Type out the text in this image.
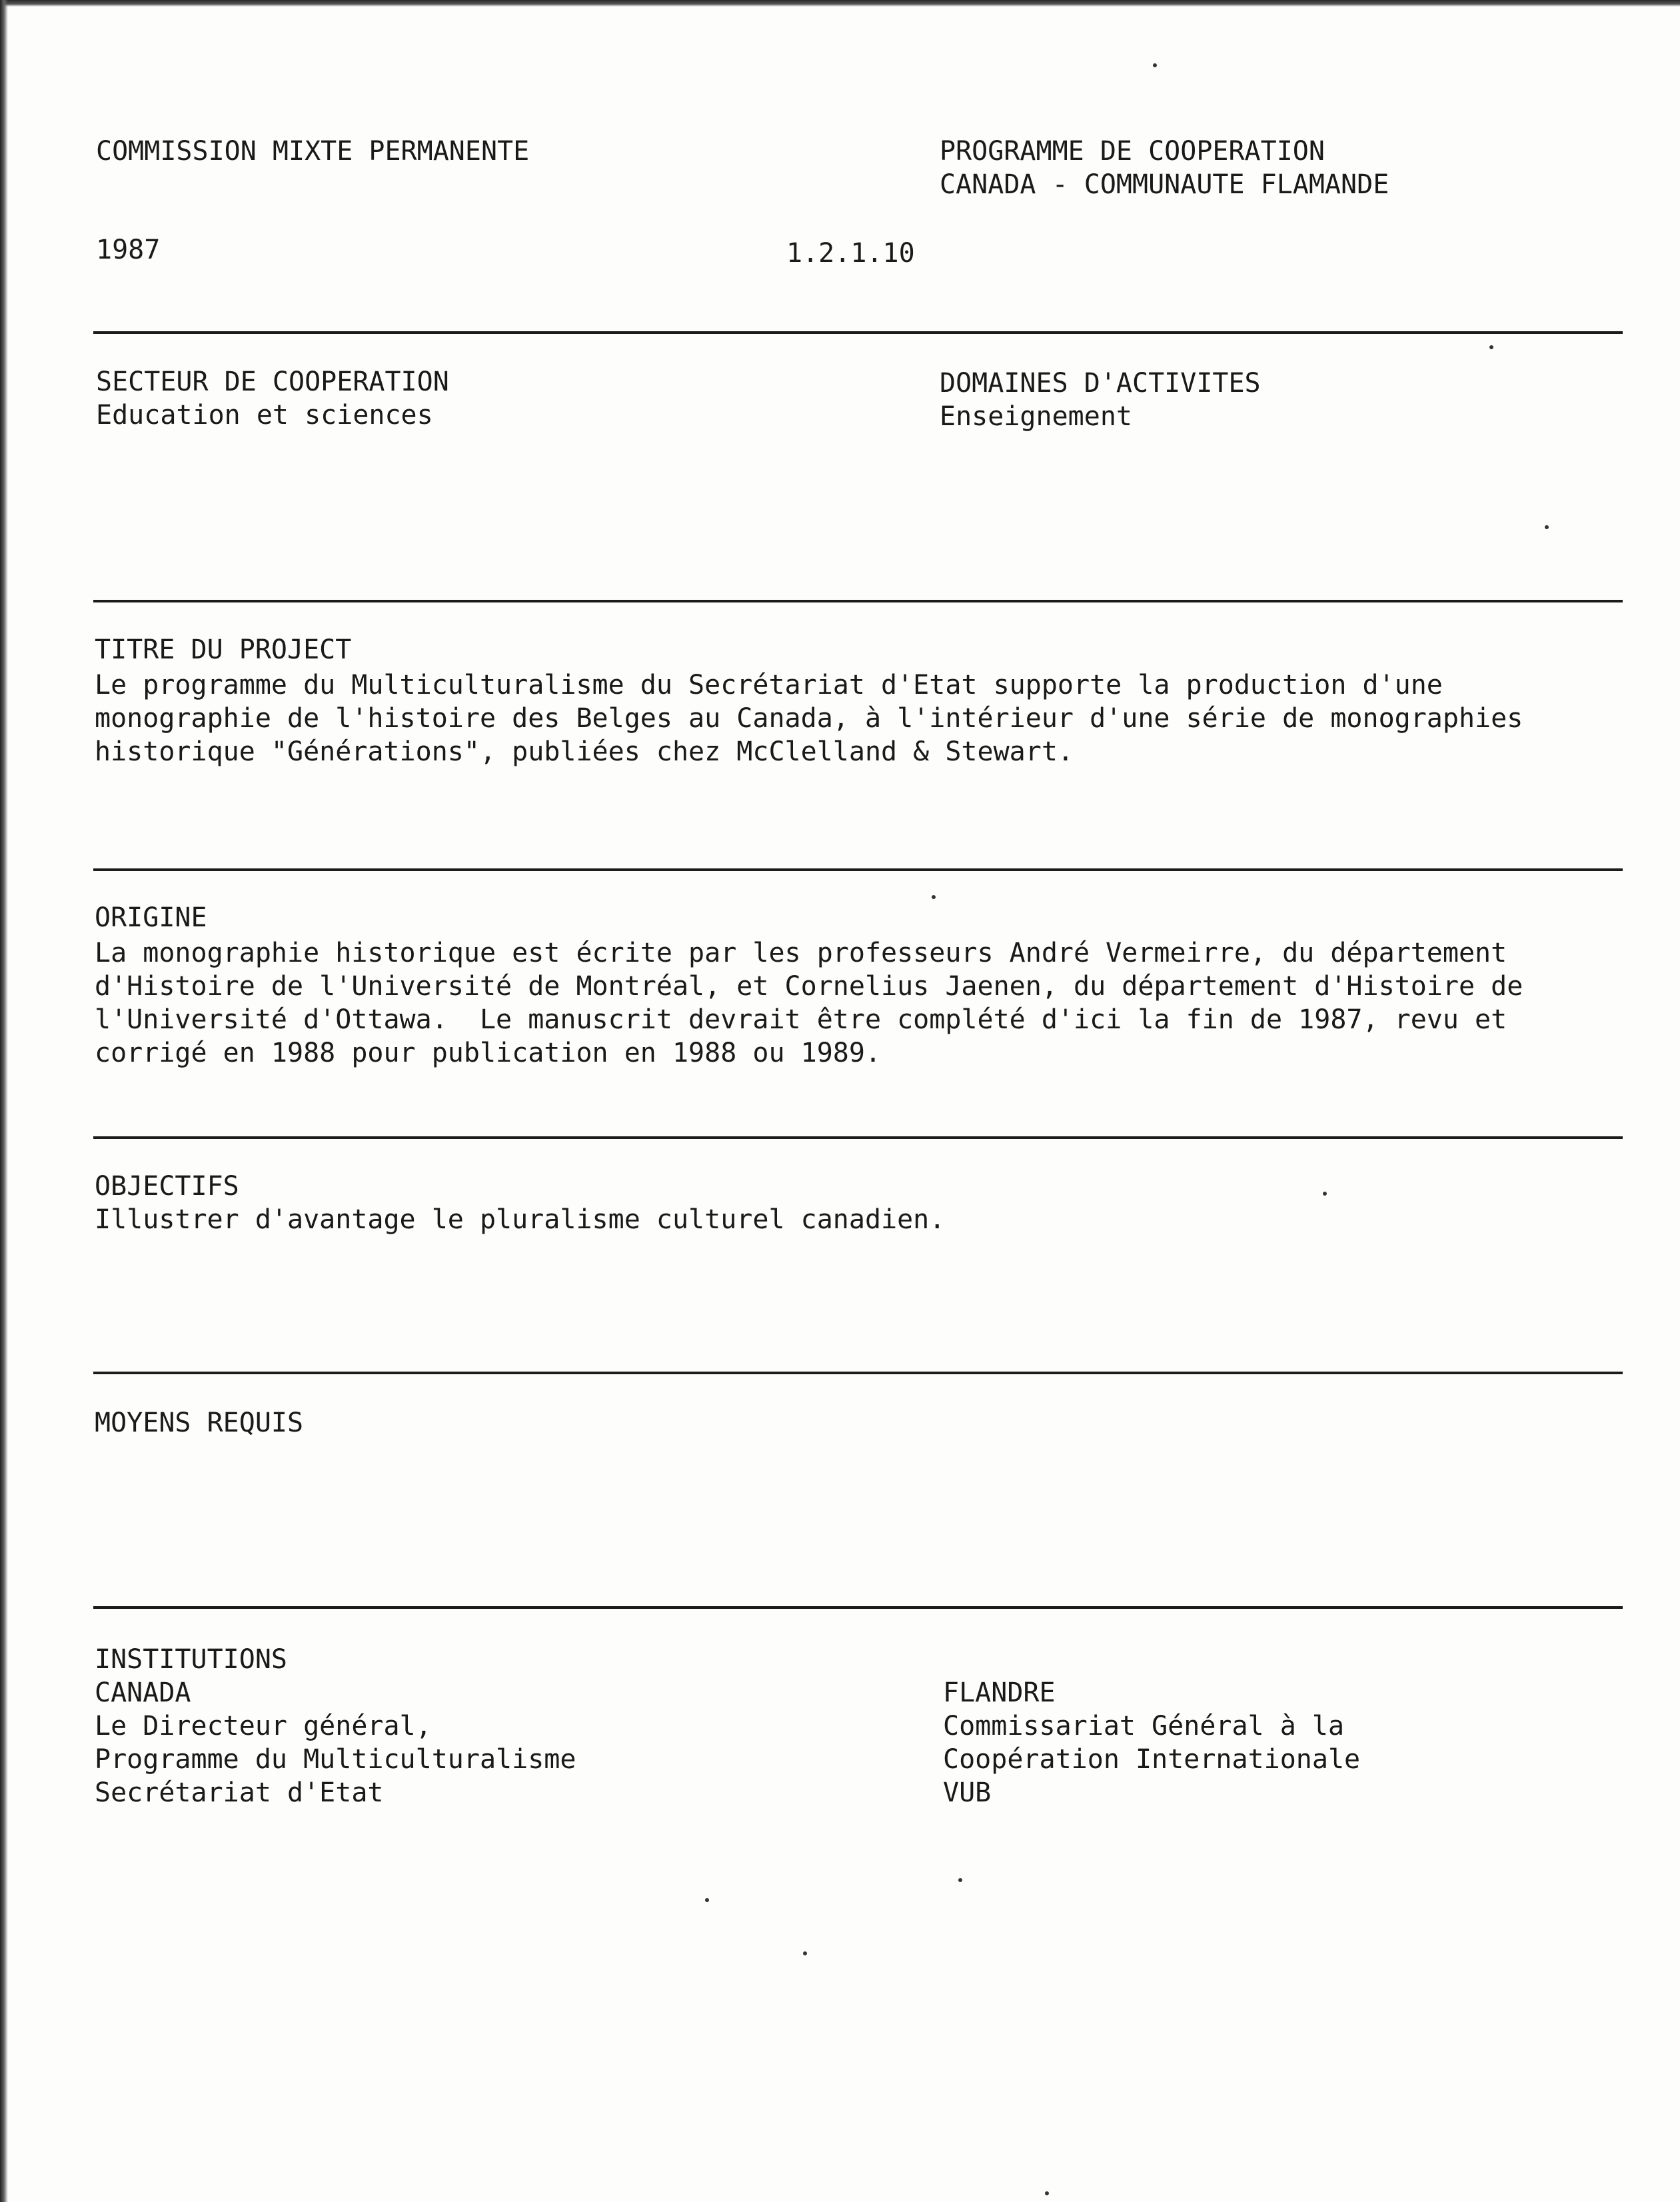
COMMISSION MIXTE PERMANENTE	PROGRAMME DE COOPERATION
CANADA - COMMUNAUTE FLAMANDE
1987	1.2.1.10
SECTEUR DE COOPERATION
Education et sciences
DOMAINES D'ACTIVITES
Enseignement
TITRE DU PROJECT
Le programme du Multiculturalisme du Secrétariat d'Etat supporte la production d'une
monographie de l'histoire des Belges au Canada, à l'intérieur d'une série de monographies
historique "Générations", publiées chez McClelland & Stewart.
ORIGINE
La monographie historique est écrite par les professeurs André Vermeirre, du département
d'Histoire de l'Université de Montréal, et Cornelius Jaenen, du département d'Histoire de
l'Université d'Ottawa.  Le manuscrit devrait être complété d'ici la fin de 1987, revu et
corrigé en 1988 pour publication en 1988 ou 1989.
OBJECTIFS
Illustrer d'avantage le pluralisme culturel canadien.
MOYENS REQUIS
INSTITUTIONS
CANADA
Le Directeur général,
Programme du Multiculturalisme
Secrétariat d'Etat
FLANDRE
Commissariat Général à la
Coopération Internationale
VUB
